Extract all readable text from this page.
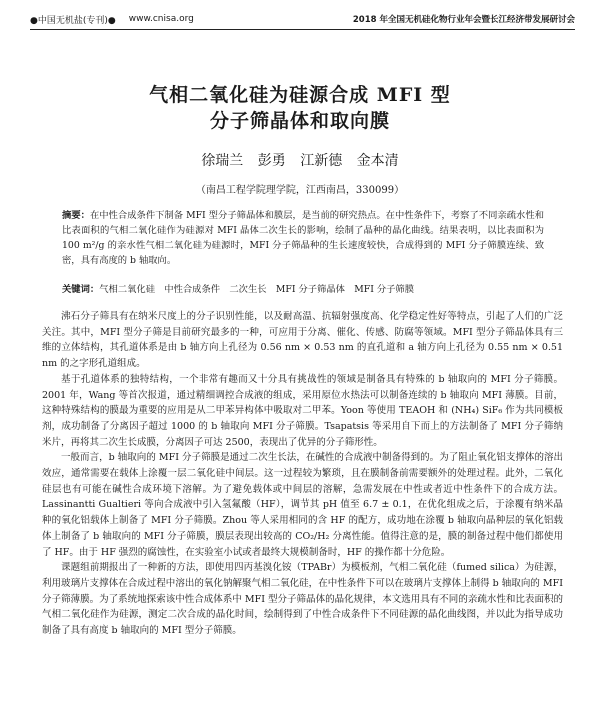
●中国无机盐(专刊)● www.cnisa.org	2018 年全国无机硅化物行业年会暨长江经济带发展研讨会
气相二氧化硅为硅源合成 MFI 型
分子筛晶体和取向膜
徐瑞兰 彭勇 江新德 金本清
（南昌工程学院理学院，江西南昌，330099）
摘要：在中性合成条件下制备 MFI 型分子筛晶体和膜层，是当前的研究热点。在中性条件下，考察了不同亲疏水性和比表面积的气相二氧化硅作为硅源对 MFI 晶体二次生长的影响，绘制了晶种的晶化曲线。结果表明，以比表面积为 100 m²/g 的亲水性气相二氧化硅为硅源时，MFI 分子筛晶种的生长速度较快，合成得到的 MFI 分子筛膜连续、致密，具有高度的 b 轴取向。
关键词：气相二氧化硅　中性合成条件　二次生长　MFI 分子筛晶体　MFI 分子筛膜

沸石分子筛具有在纳米尺度上的分子识别性能，以及耐高温、抗辐射强度高、化学稳定性好等特点，引起了人们的广泛关注。其中，MFI 型分子筛是目前研究最多的一种，可应用于分离、催化、传感、防腐等领域。MFI 型分子筛晶体具有三维的立体结构，其孔道体系是由 b 轴方向上孔径为 0.56 nm × 0.53 nm 的直孔道和 a 轴方向上孔径为 0.55 nm × 0.51 nm 的之字形孔道组成。

基于孔道体系的独特结构，一个非常有趣而又十分具有挑战性的领域是制备具有特殊的 b 轴取向的 MFI 分子筛膜。2001 年，Wang 等首次报道，通过精细调控合成液的组成，采用原位水热法可以制备连续的 b 轴取向 MFI 薄膜。目前，这种特殊结构的膜最为重要的应用是从二甲苯异构体中吸取对二甲苯。Yoon 等使用 TEAOH 和 (NH₄) SiF₆ 作为共同模板剂，成功制备了分离因子超过 1000 的 b 轴取向 MFI 分子筛膜。Tsapatsis 等采用自下而上的方法制备了 MFI 分子筛纳米片，再将其二次生长成膜，分离因子可达 2500，表现出了优异的分子筛形性。

一般而言，b 轴取向的 MFI 分子筛膜是通过二次生长法，在碱性的合成液中制备得到的。为了阻止氧化铝支撑体的溶出效应，通常需要在载体上涂覆一层二氧化硅中间层。这一过程较为繁琐，且在膜制备前需要额外的处理过程。此外，二氧化硅层也有可能在碱性合成环境下溶解。为了避免载体或中间层的溶解，急需发展在中性或者近中性条件下的合成方法。Lassinantti Gualtieri 等向合成液中引入氢氟酸（HF），调节其 pH 值至 6.7 ± 0.1，在优化组成之后，于涂覆有纳米晶种的氧化铝载体上制备了 MFI 分子筛膜。Zhou 等人采用相同的含 HF 的配方，成功地在涂覆 b 轴取向晶种层的氧化铝载体上制备了 b 轴取向的 MFI 分子筛膜，膜层表现出较高的 CO₂/H₂ 分离性能。值得注意的是，膜的制备过程中他们都使用了 HF。由于 HF 强烈的腐蚀性，在实验室小试或者最终大规模制备时，HF 的操作都十分危险。

课题组前期报出了一种新的方法，即使用四丙基溴化铵（TPABr）为模板剂，气相二氧化硅（fumed silica）为硅源，利用玻璃片支撑体在合成过程中溶出的氧化钠解聚气相二氧化硅，在中性条件下可以在玻璃片支撑体上制得 b 轴取向的 MFI 分子筛薄膜。为了系统地探索该中性合成体系中 MFI 型分子筛晶体的晶化规律，本文选用具有不同的亲疏水性和比表面积的气相二氧化硅作为硅源，测定二次合成的晶化时间，绘制得到了中性合成条件下不同硅源的晶化曲线图，并以此为指导成功制备了具有高度 b 轴取向的 MFI 型分子筛膜。
